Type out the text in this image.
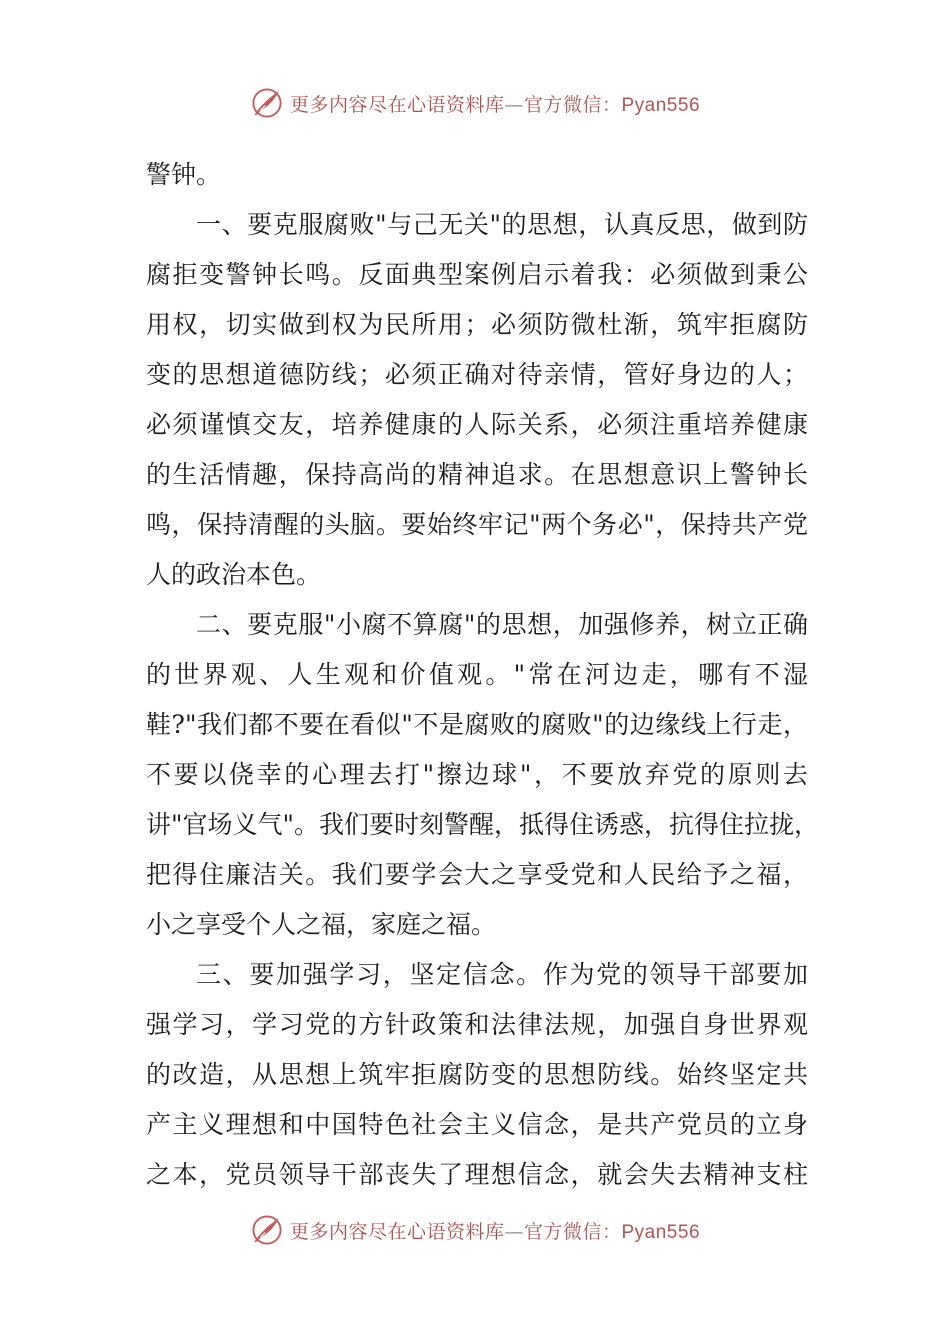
更多内容尽在心语资料库—官方微信：Pyan556
警钟。
一、要克服腐败"与己无关"的思想，认真反思，做到防
腐拒变警钟长鸣。反面典型案例启示着我：必须做到秉公
用权，切实做到权为民所用；必须防微杜渐，筑牢拒腐防
变的思想道德防线；必须正确对待亲情，管好身边的人；
必须谨慎交友，培养健康的人际关系，必须注重培养健康
的生活情趣，保持高尚的精神追求。在思想意识上警钟长
鸣，保持清醒的头脑。要始终牢记"两个务必"，保持共产党
人的政治本色。
二、要克服"小腐不算腐"的思想，加强修养，树立正确
的世界观、人生观和价值观。"常在河边走，哪有不湿
鞋?"我们都不要在看似"不是腐败的腐败"的边缘线上行走，
不要以侥幸的心理去打"擦边球"，不要放弃党的原则去
讲"官场义气"。我们要时刻警醒，抵得住诱惑，抗得住拉拢，
把得住廉洁关。我们要学会大之享受党和人民给予之福，
小之享受个人之福，家庭之福。
三、要加强学习，坚定信念。作为党的领导干部要加
强学习，学习党的方针政策和法律法规，加强自身世界观
的改造，从思想上筑牢拒腐防变的思想防线。始终坚定共
产主义理想和中国特色社会主义信念，是共产党员的立身
之本，党员领导干部丧失了理想信念，就会失去精神支柱
更多内容尽在心语资料库—官方微信：Pyan556
